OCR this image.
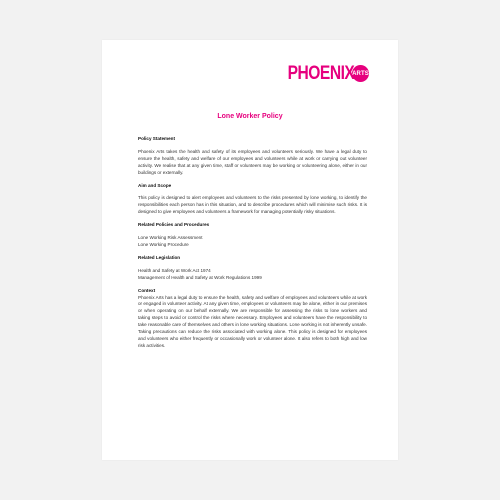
PHOENIX
ARTS
Lone Worker Policy

Policy Statement

Phoenix Arts takes the health and safety of its employees and volunteers seriously. We have a legal duty to ensure the health, safety and welfare of our employees and volunteers while at work or carrying out volunteer activity. We realise that at any given time, staff or volunteers may be working or volunteering alone, either in our buildings or externally.

Aim and Scope

This policy is designed to alert employees and volunteers to the risks presented by lone working, to identify the responsibilities each person has in this situation, and to describe procedures which will minimise such risks. It is designed to give employees and volunteers a framework for managing potentially risky situations.

Related Policies and Procedures

Lone Working Risk Assessment

Lone Working Procedure

Related Legislation

Health and Safety at Work Act 1974

Management of Health and Safety at Work Regulations 1999

Context

Phoenix Arts has a legal duty to ensure the health, safety and welfare of employees and volunteers while at work or engaged in volunteer activity. At any given time, employees or volunteers may be alone, either in our premises or when operating on our behalf externally. We are responsible for assessing the risks to lone workers and taking steps to avoid or control the risks where necessary. Employees and volunteers have the responsibility to take reasonable care of themselves and others in lone working situations. Lone working is not inherently unsafe. Taking precautions can reduce the risks associated with working alone. This policy is designed for employees and volunteers who either frequently or occasionally work or volunteer alone. It also refers to both high and low risk activities.
